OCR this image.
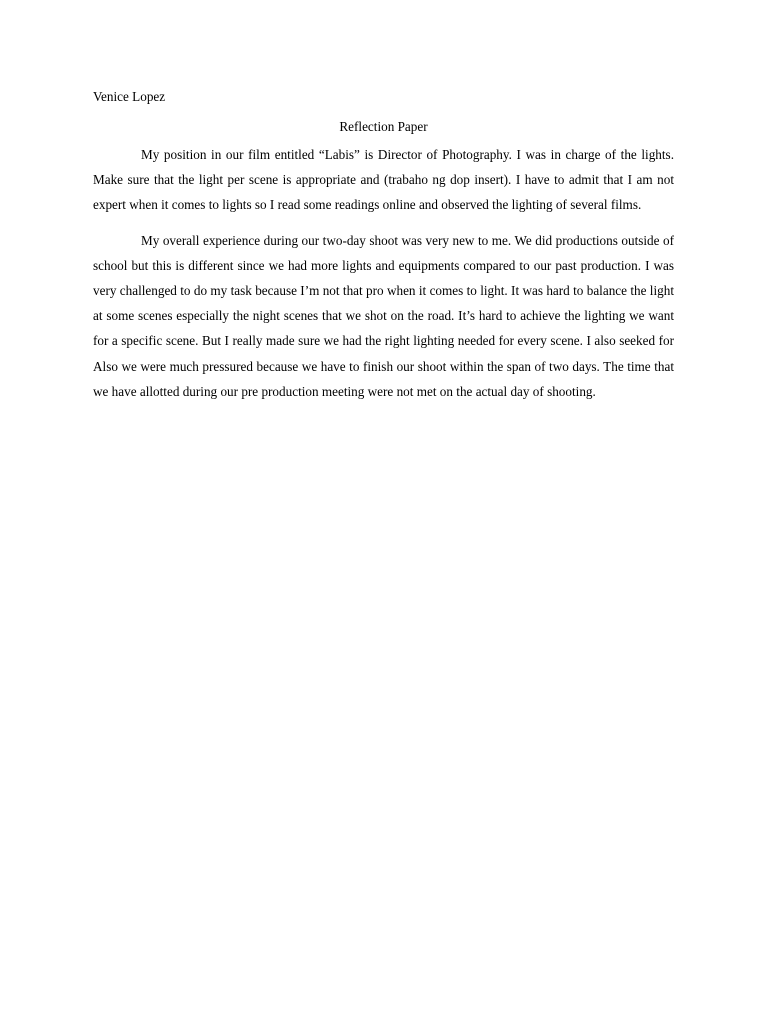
Venice Lopez

Reflection Paper

My position in our film entitled “Labis” is Director of Photography. I was in charge of the lights. Make sure that the light per scene is appropriate and (trabaho ng dop insert). I have to admit that I am not expert when it comes to lights so I read some readings online and observed the lighting of several films.

My overall experience during our two-day shoot was very new to me. We did productions outside of school but this is different since we had more lights and equipments compared to our past production. I was very challenged to do my task because I’m not that pro when it comes to light. It was hard to balance the light at some scenes especially the night scenes that we shot on the road. It’s hard to achieve the lighting we want for a specific scene. But I really made sure we had the right lighting needed for every scene. I also seeked for Also we were much pressured because we have to finish our shoot within the span of two days. The time that we have allotted during our pre production meeting were not met on the actual day of shooting.
